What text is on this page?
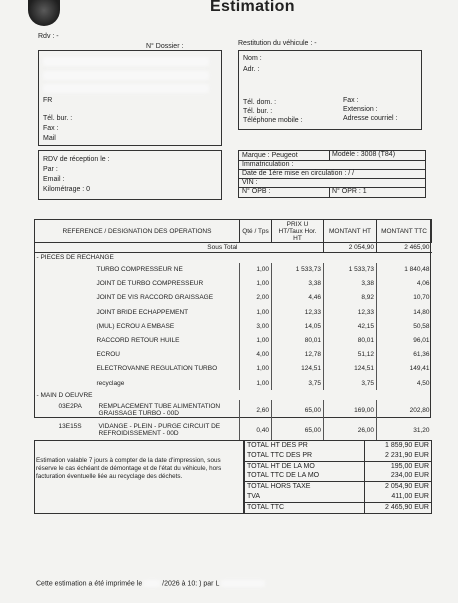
Estimation
Rdv : -
N° Dossier :	Restitution du véhicule : -
FR
Tél. bur. :
Fax :
Mail
Nom :
Adr. :
Tél. dom. :
Tél. bur. :
Téléphone mobile :
Fax :
Extension :
Adresse courriel :
RDV de réception le :
Par :
Email :
Kilométrage : 0
Marque : Peugeot	Modèle : 3008 (T84)
Immatriculation :
Date de 1ère mise en circulation : / /
VIN :
N° OPB :	N° OPR : 1
REFERENCE / DESIGNATION DES OPERATIONS	Qté / Tps	PRIX U HT/Taux Hor. HT	MONTANT HT	MONTANT TTC
Sous Total			2 054,90	2 465,90
- PIECES DE RECHANGE				
TURBO COMPRESSEUR NE	1,00	1 533,73	1 533,73	1 840,48
JOINT DE TURBO COMPRESSEUR	1,00	3,38	3,38	4,06
JOINT DE VIS RACCORD GRAISSAGE	2,00	4,46	8,92	10,70
JOINT BRIDE ECHAPPEMENT	1,00	12,33	12,33	14,80
(MUL) ECROU A EMBASE	3,00	14,05	42,15	50,58
RACCORD RETOUR HUILE	1,00	80,01	80,01	96,01
ECROU	4,00	12,78	51,12	61,36
ELECTROVANNE REGULATION TURBO	1,00	124,51	124,51	149,41
recyclage	1,00	3,75	3,75	4,50
- MAIN D OEUVRE				
03E2PA REMPLACEMENT TUBE ALIMENTATION GRAISSAGE TURBO - 00D	2,60	65,00	169,00	202,80
13E15S VIDANGE - PLEIN - PURGE CIRCUIT DE REFROIDISSEMENT - 00D	0,40	65,00	26,00	31,20
Estimation valable 7 jours à compter de la date d'impression, sous réserve le cas échéant de démontage et de l'état du véhicule, hors facturation éventuelle liée au recyclage des déchets.
TOTAL HT DES PR	1 859,90 EUR
TOTAL TTC DES PR	2 231,90 EUR
TOTAL HT DE LA MO	195,00 EUR
TOTAL TTC DE LA MO	234,00 EUR
TOTAL HORS TAXE	2 054,90 EUR
TVA	411,00 EUR
TOTAL TTC	2 465,90 EUR
Cette estimation a été imprimée le	/2026 à 10: ) par L
